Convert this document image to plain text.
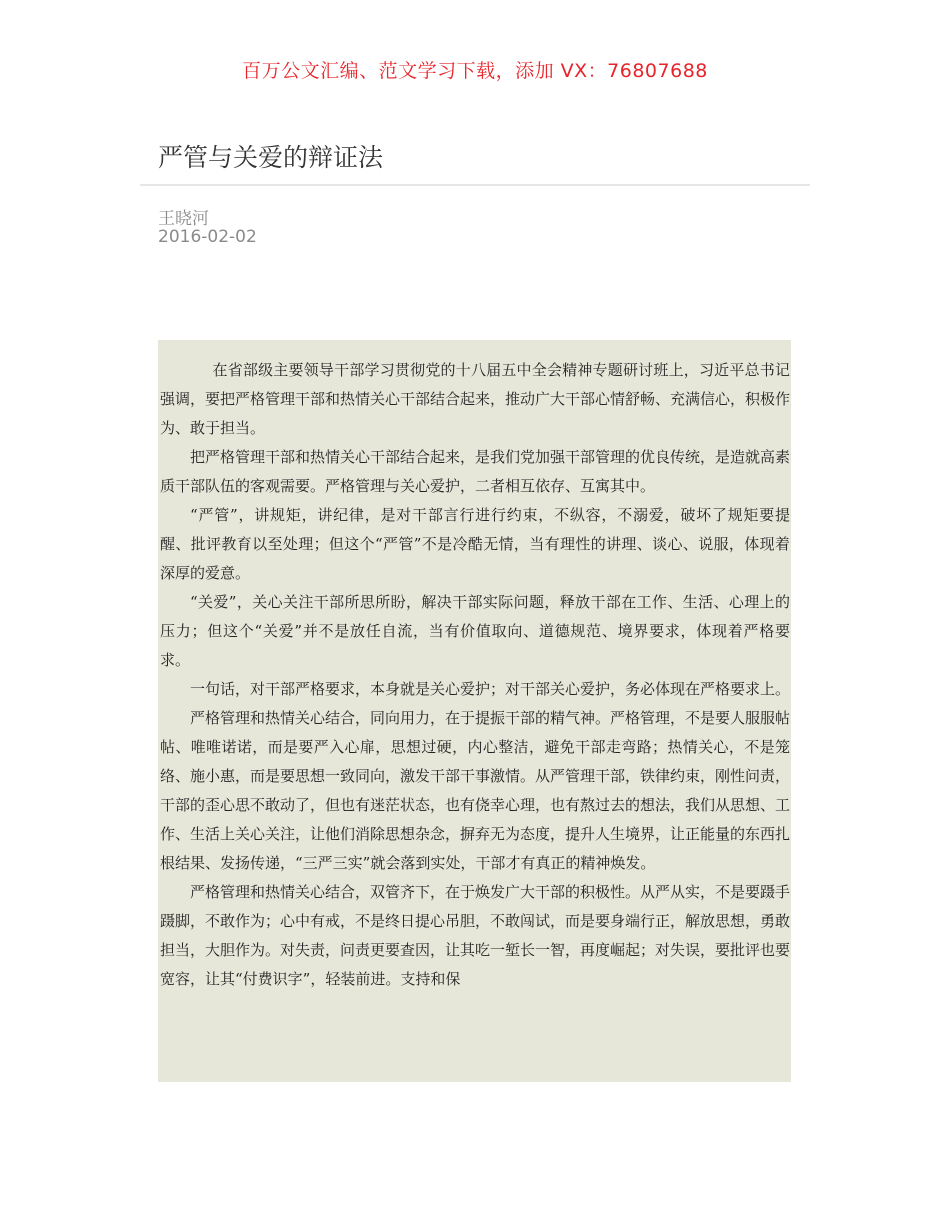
百万公文汇编、范文学习下载，添加 VX：76807688
严管与关爱的辩证法
王晓河
2016-02-02

在省部级主要领导干部学习贯彻党的十八届五中全会精神专题研讨班上，习近平总书记强调，要把严格管理干部和热情关心干部结合起来，推动广大干部心情舒畅、充满信心，积极作为、敢于担当。

把严格管理干部和热情关心干部结合起来，是我们党加强干部管理的优良传统，是造就高素质干部队伍的客观需要。严格管理与关心爱护，二者相互依存、互寓其中。

“严管”，讲规矩，讲纪律，是对干部言行进行约束，不纵容，不溺爱，破坏了规矩要提醒、批评教育以至处理；但这个“严管”不是冷酷无情，当有理性的讲理、谈心、说服，体现着深厚的爱意。

“关爱”，关心关注干部所思所盼，解决干部实际问题，释放干部在工作、生活、心理上的压力；但这个“关爱”并不是放任自流，当有价值取向、道德规范、境界要求，体现着严格要求。

一句话，对干部严格要求，本身就是关心爱护；对干部关心爱护，务必体现在严格要求上。

严格管理和热情关心结合，同向用力，在于提振干部的精气神。严格管理，不是要人服服帖帖、唯唯诺诺，而是要严入心扉，思想过硬，内心整洁，避免干部走弯路；热情关心，不是笼络、施小惠，而是要思想一致同向，激发干部干事激情。从严管理干部，铁律约束，刚性问责，干部的歪心思不敢动了，但也有迷茫状态，也有侥幸心理，也有熬过去的想法，我们从思想、工作、生活上关心关注，让他们消除思想杂念，摒弃无为态度，提升人生境界，让正能量的东西扎根结果、发扬传递，“三严三实”就会落到实处，干部才有真正的精神焕发。

严格管理和热情关心结合，双管齐下，在于焕发广大干部的积极性。从严从实，不是要蹑手蹑脚，不敢作为；心中有戒，不是终日提心吊胆，不敢闯试，而是要身端行正，解放思想，勇敢担当，大胆作为。对失责，问责更要查因，让其吃一堑长一智，再度崛起；对失误，要批评也要宽容，让其“付费识字”，轻装前进。支持和保
